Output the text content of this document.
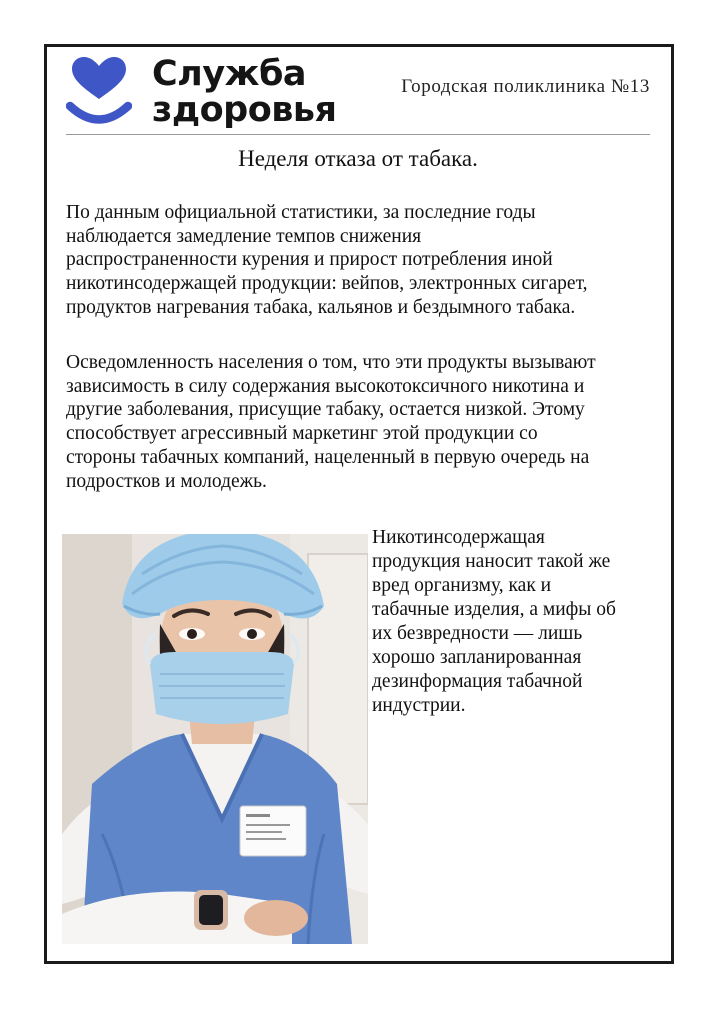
Служба
здоровья
Городская поликлиника №13
Неделя отказа от табака.

По данным официальной статистики, за последние годы
наблюдается замедление темпов снижения
распространенности курения и прирост потребления иной
никотинсодержащей продукции: вейпов, электронных сигарет,
продуктов нагревания табака, кальянов и бездымного табака.

Осведомленность населения о том, что эти продукты вызывают
зависимость в силу содержания высокотоксичного никотина и
другие заболевания, присущие табаку, остается низкой. Этому
способствует агрессивный маркетинг этой продукции со
стороны табачных компаний, нацеленный в первую очередь на
подростков и молодежь.

Никотинсодержащая
продукция наносит такой же
вред организму, как и
табачные изделия, а мифы об
их безвредности — лишь
хорошо запланированная
дезинформация табачной
индустрии.
